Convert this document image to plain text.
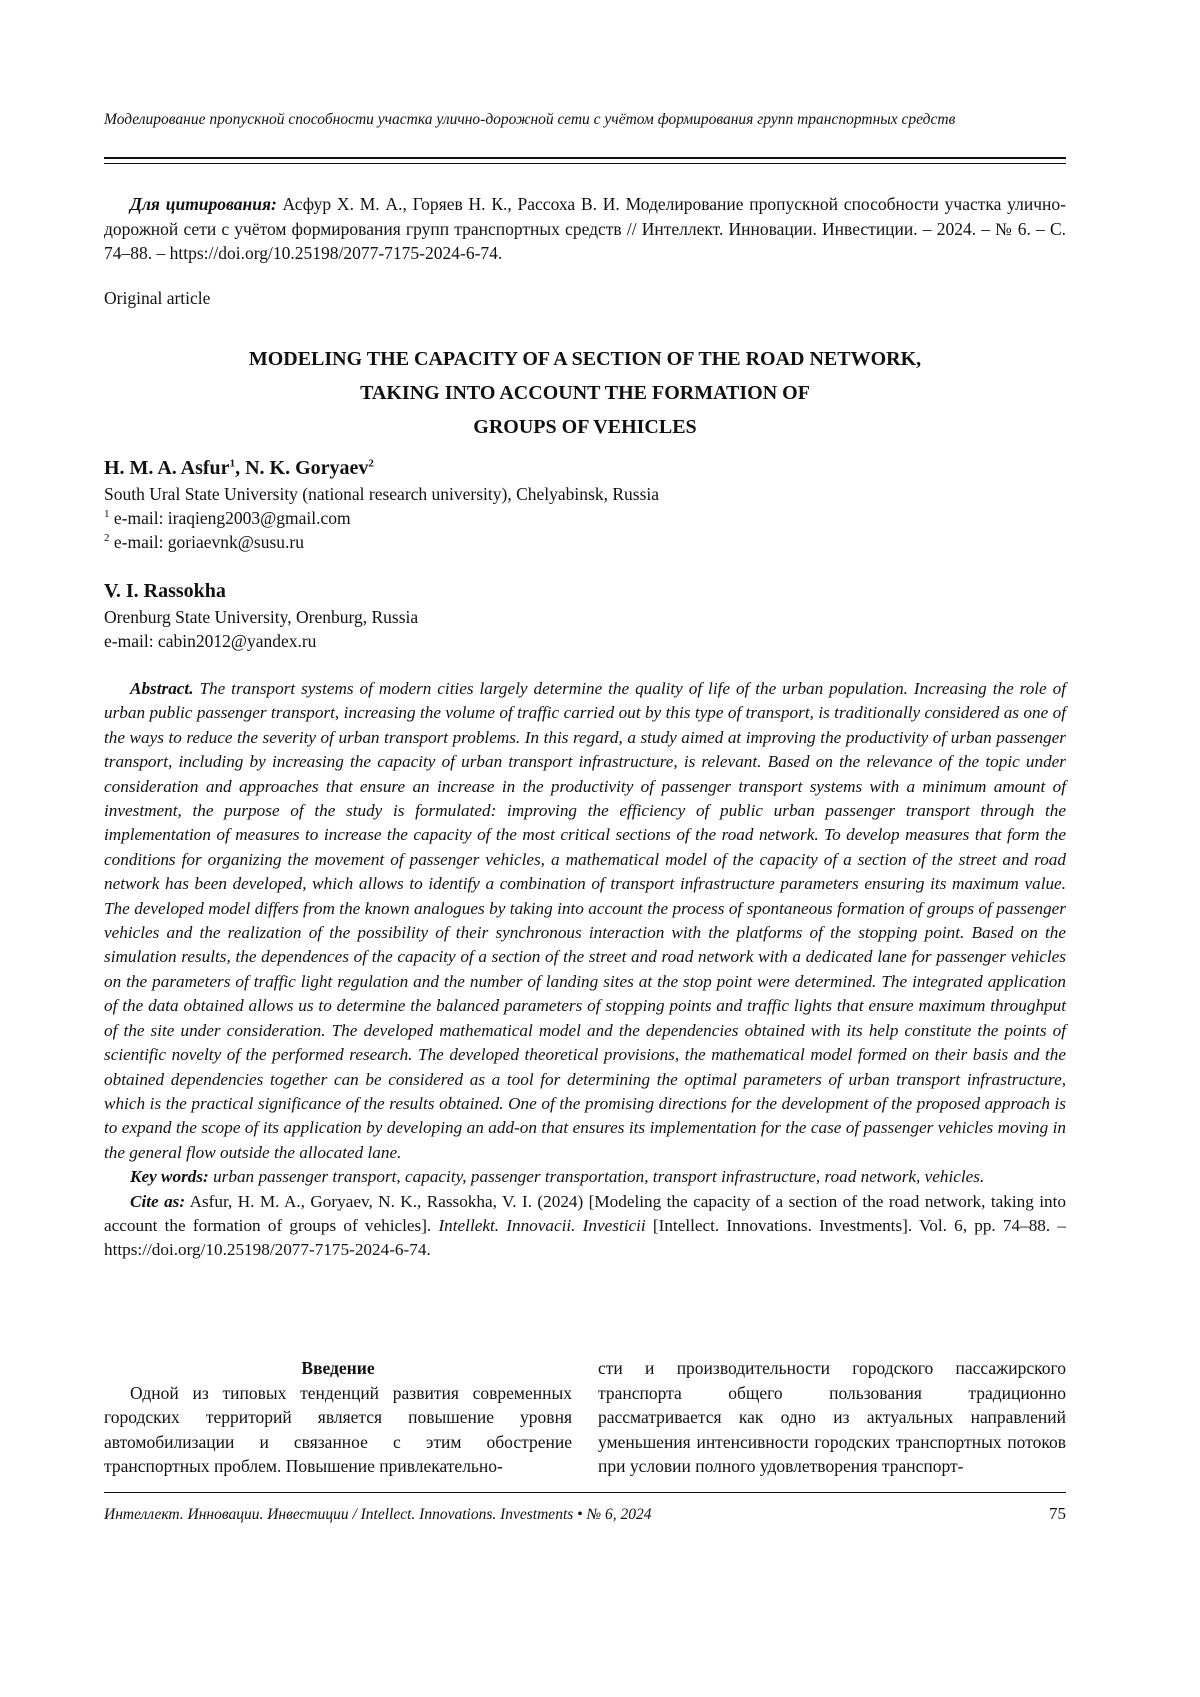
Моделирование пропускной способности участка улично-дорожной сети с учётом формирования групп транспортных средств
Для цитирования: Асфур Х. М. А., Горяев Н. К., Рассоха В. И. Моделирование пропускной способности участка улично-дорожной сети с учётом формирования групп транспортных средств // Интеллект. Инновации. Инвестиции. – 2024. – № 6. – С. 74–88. – https://doi.org/10.25198/2077-7175-2024-6-74.
Original article
MODELING THE CAPACITY OF A SECTION OF THE ROAD NETWORK,
TAKING INTO ACCOUNT THE FORMATION OF
GROUPS OF VEHICLES
H. M. A. Asfur$^1$, N. K. Goryaev$^2$
South Ural State University (national research university), Chelyabinsk, Russia
$^1$ e-mail: iraqieng2003@gmail.com
$^2$ e-mail: goriaevnk@susu.ru
V. I. Rassokha
Orenburg State University, Orenburg, Russia
e-mail: cabin2012@yandex.ru

Abstract. The transport systems of modern cities largely determine the quality of life of the urban population. Increasing the role of urban public passenger transport, increasing the volume of traffic carried out by this type of transport, is traditionally considered as one of the ways to reduce the severity of urban transport problems. In this regard, a study aimed at improving the productivity of urban passenger transport, including by increasing the capacity of urban transport infrastructure, is relevant. Based on the relevance of the topic under consideration and approaches that ensure an increase in the productivity of passenger transport systems with a minimum amount of investment, the purpose of the study is formulated: improving the efficiency of public urban passenger transport through the implementation of measures to increase the capacity of the most critical sections of the road network. To develop measures that form the conditions for organizing the movement of passenger vehicles, a mathematical model of the capacity of a section of the street and road network has been developed, which allows to identify a combination of transport infrastructure parameters ensuring its maximum value. The developed model differs from the known analogues by taking into account the process of spontaneous formation of groups of passenger vehicles and the realization of the possibility of their synchronous interaction with the platforms of the stopping point. Based on the simulation results, the dependences of the capacity of a section of the street and road network with a dedicated lane for passenger vehicles on the parameters of traffic light regulation and the number of landing sites at the stop point were determined. The integrated application of the data obtained allows us to determine the balanced parameters of stopping points and traffic lights that ensure maximum throughput of the site under consideration. The developed mathematical model and the dependencies obtained with its help constitute the points of scientific novelty of the performed research. The developed theoretical provisions, the mathematical model formed on their basis and the obtained dependencies together can be considered as a tool for determining the optimal parameters of urban transport infrastructure, which is the practical significance of the results obtained. One of the promising directions for the development of the proposed approach is to expand the scope of its application by developing an add-on that ensures its implementation for the case of passenger vehicles moving in the general flow outside the allocated lane.

Key words: urban passenger transport, capacity, passenger transportation, transport infrastructure, road network, vehicles.

Cite as: Asfur, H. M. A., Goryaev, N. K., Rassokha, V. I. (2024) [Modeling the capacity of a section of the road network, taking into account the formation of groups of vehicles]. Intellekt. Innovacii. Investicii [Intellect. Innovations. Investments]. Vol. 6, pp. 74–88. – https://doi.org/10.25198/2077-7175-2024-6-74.

Введение

Одной из типовых тенденций развития современных городских территорий является повышение уровня автомобилизации и связанное с этим обострение транспортных проблем. Повышение привлекательно-

сти и производительности городского пассажирского транспорта общего пользования традиционно рассматривается как одно из актуальных направлений уменьшения интенсивности городских транспортных потоков при условии полного удовлетворения транспорт-

Интеллект. Инновации. Инвестиции / Intellect. Innovations. Investments • № 6, 2024	75
